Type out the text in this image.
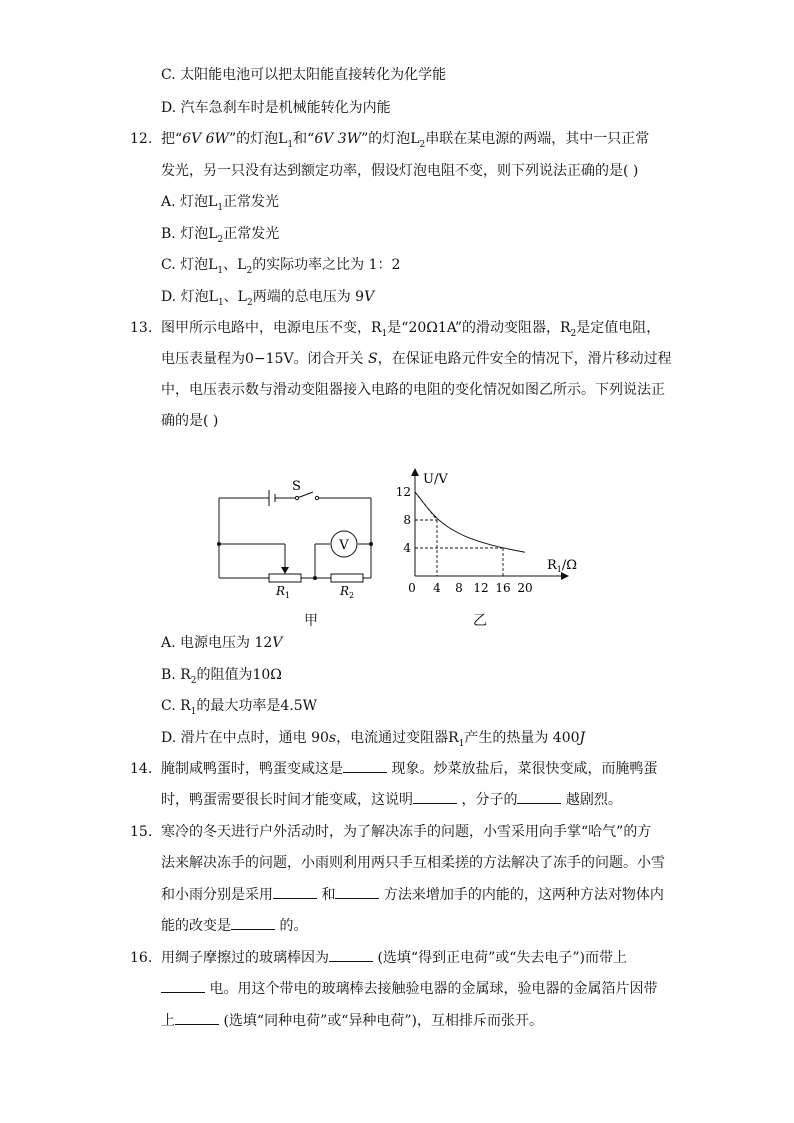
C. 太阳能电池可以把太阳能直接转化为化学能
D. 汽车急刹车时是机械能转化为内能
12. 把“6V 6W”的灯泡$L_1$和“6V 3W”的灯泡$L_2$串联在某电源的两端，其中一只正常
发光，另一只没有达到额定功率，假设灯泡电阻不变，则下列说法正确的是( )
A. 灯泡$L_1$正常发光
B. 灯泡$L_2$正常发光
C. 灯泡$L_1$、$L_2$的实际功率之比为 1：2
D. 灯泡$L_1$、$L_2$两端的总电压为 9V
13. 图甲所示电路中，电源电压不变，$R_1$是“20Ω1A”的滑动变阻器，$R_2$是定值电阻，
电压表量程为0−15V。闭合开关 S，在保证电路元件安全的情况下，滑片移动过程
中，电压表示数与滑动变阻器接入电路的电阻的变化情况如图乙所示。下列说法正
确的是( )
S
V
$R_1$	$R_2$
甲
12
8
4
4 8 12 16 20
U/V
$R_1/\Omega$
0
乙
A. 电源电压为 12V
B. $R_2$的阻值为10Ω
C. $R_1$的最大功率是4.5W
D. 滑片在中点时，通电 90s，电流通过变阻器$R_1$产生的热量为 400J
14. 腌制咸鸭蛋时，鸭蛋变咸这是	现象。炒菜放盐后，菜很快变咸，而腌鸭蛋
时，鸭蛋需要很长时间才能变咸，这说明	，分子的	越剧烈。
15. 寒冷的冬天进行户外活动时，为了解决冻手的问题，小雪采用向手掌“哈气”的方
法来解决冻手的问题，小雨则利用两只手互相柔搓的方法解决了冻手的问题。小雪
和小雨分别是采用	和	方法来增加手的内能的，这两种方法对物体内
能的改变是	的。
16. 用绸子摩擦过的玻璃棒因为	(选填“得到正电荷”或“失去电子”)而带上
电。用这个带电的玻璃棒去接触验电器的金属球，验电器的金属箔片因带
上	(选填“同种电荷”或“异种电荷”)，互相排斥而张开。
